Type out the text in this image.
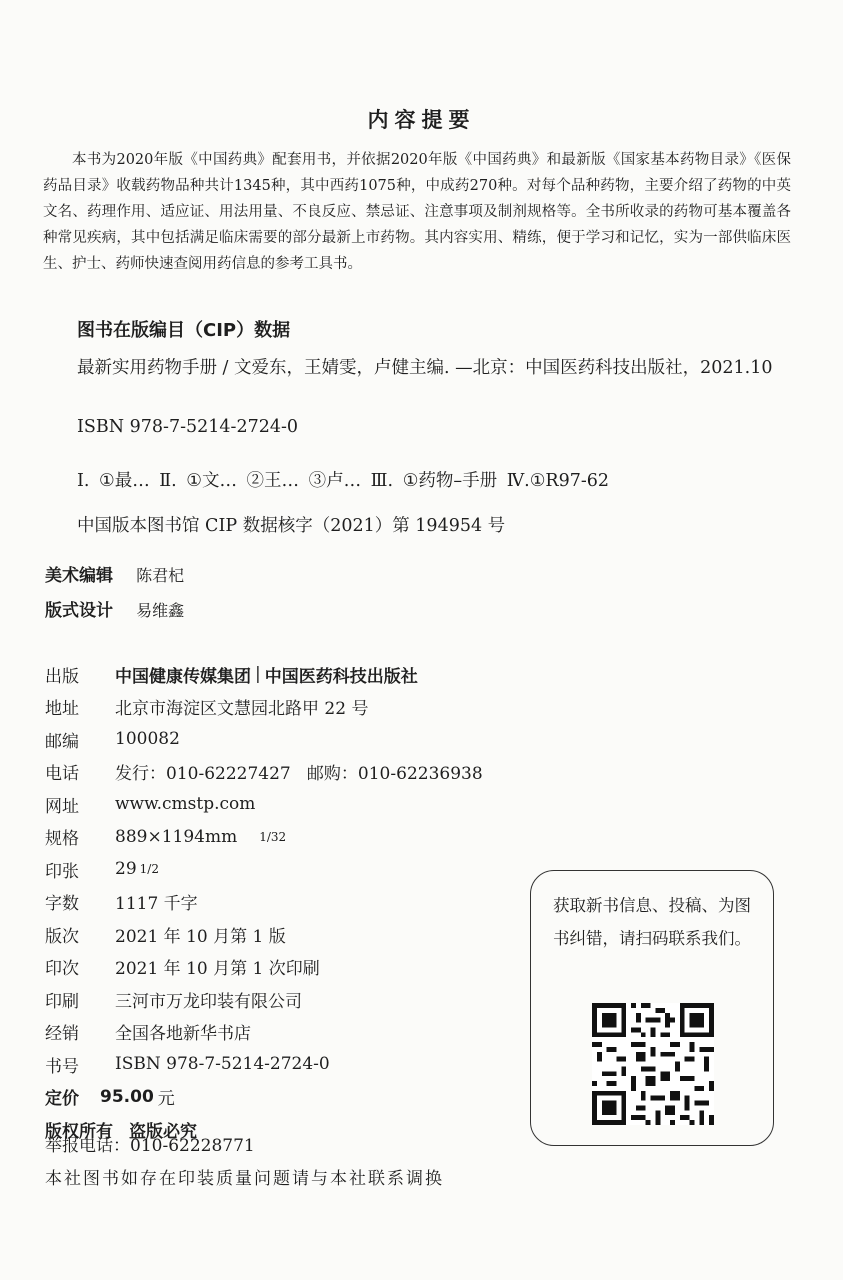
内容提要

本书为2020年版《中国药典》配套用书，并依据2020年版《中国药典》和最新版《国家基本药物目录》《医保药品目录》收载药物品种共计1345种，其中西药1075种，中成药270种。对每个品种药物，主要介绍了药物的中英文名、药理作用、适应证、用法用量、不良反应、禁忌证、注意事项及制剂规格等。全书所收录的药物可基本覆盖各种常见疾病，其中包括满足临床需要的部分最新上市药物。其内容实用、精练，便于学习和记忆，实为一部供临床医生、护士、药师快速查阅用药信息的参考工具书。

图书在版编目（CIP）数据

最新实用药物手册 / 文爱东，王婧雯，卢健主编. —北京：中国医药科技出版社，2021.10

ISBN 978-7-5214-2724-0
Ⅰ. ①最… Ⅱ. ①文… ②王… ③卢… Ⅲ. ①药物–手册 Ⅳ.①R97-62
中国版本图书馆 CIP 数据核字（2021）第 194954 号
美术编辑 陈君杞
版式设计 易维鑫
出版	中国健康传媒集团 | 中国医药科技出版社
地址	北京市海淀区文慧园北路甲 22 号
邮编	100082
电话	发行：010-62227427   邮购：010-62236938
网址	www.cmstp.com
规格	889×1194mm 1/32
印张	29 1/2
字数	1117 千字
版次	2021 年 10 月第 1 版
印次	2021 年 10 月第 1 次印刷
印刷	三河市万龙印装有限公司
经销	全国各地新华书店
书号	ISBN 978-7-5214-2724-0
定价	95.00 元
版权所有 盗版必究
举报电话：010-62228771
本社图书如存在印装质量问题请与本社联系调换

获取新书信息、投稿、为图书纠错，请扫码联系我们。
